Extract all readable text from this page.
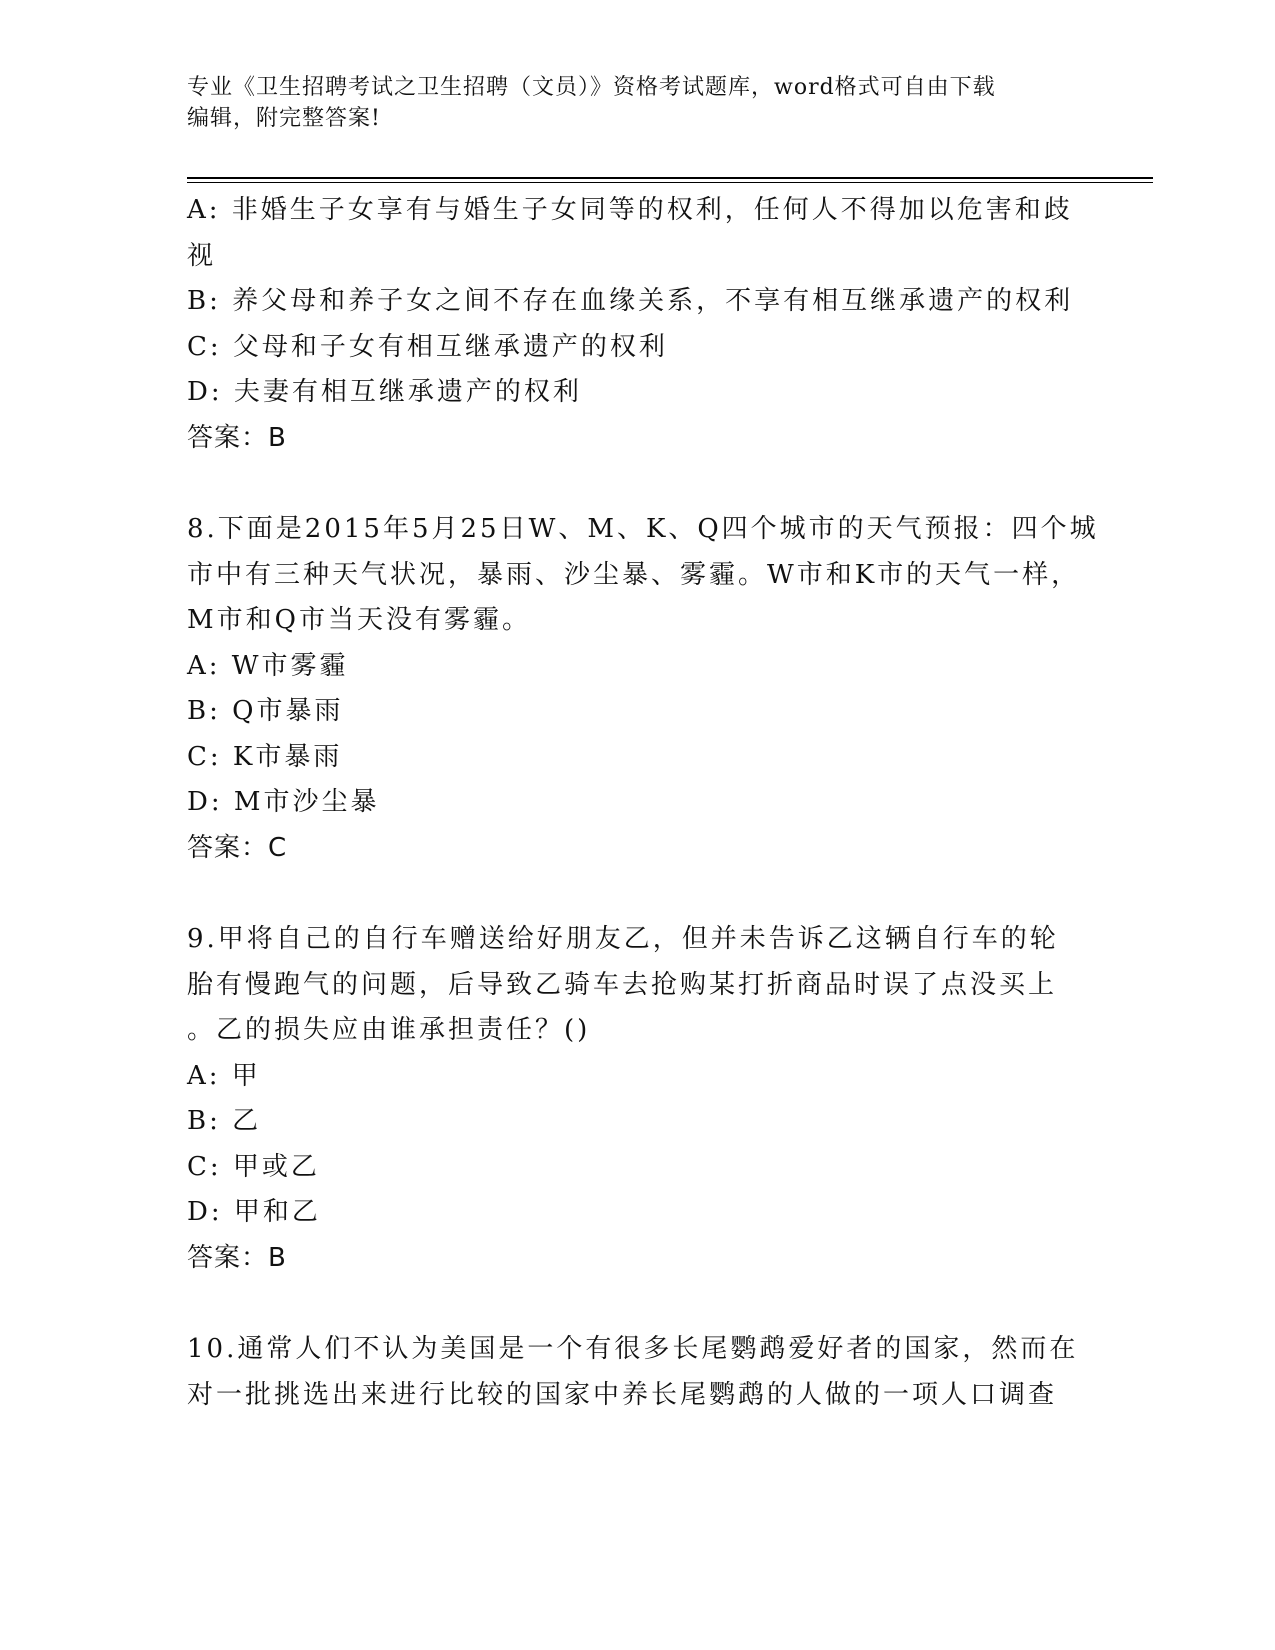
专业《卫生招聘考试之卫生招聘（文员）》资格考试题库，word格式可自由下载
编辑，附完整答案!
A: 非婚生子女享有与婚生子女同等的权利，任何人不得加以危害和歧
视
B: 养父母和养子女之间不存在血缘关系，不享有相互继承遗产的权利
C: 父母和子女有相互继承遗产的权利
D: 夫妻有相互继承遗产的权利
答案：B
8.下面是2015年5月25日W、M、K、Q四个城市的天气预报：四个城
市中有三种天气状况，暴雨、沙尘暴、雾霾。W市和K市的天气一样，
M市和Q市当天没有雾霾。
A: W市雾霾
B: Q市暴雨
C: K市暴雨
D: M市沙尘暴
答案：C
9.甲将自己的自行车赠送给好朋友乙，但并未告诉乙这辆自行车的轮
胎有慢跑气的问题，后导致乙骑车去抢购某打折商品时误了点没买上
。乙的损失应由谁承担责任？()
A: 甲
B: 乙
C: 甲或乙
D: 甲和乙
答案：B
10.通常人们不认为美国是一个有很多长尾鹦鹉爱好者的国家，然而在
对一批挑选出来进行比较的国家中养长尾鹦鹉的人做的一项人口调查
